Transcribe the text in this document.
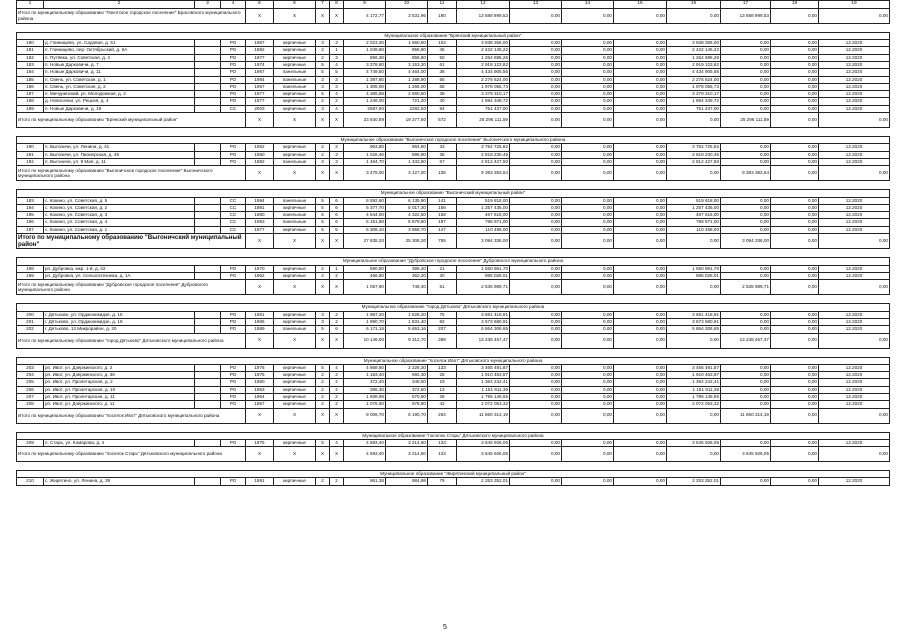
1	2	3	4	5	6	7	8	9	10	11	12	13	14	15	16	17	18	19	
Итого по муниципальному образованию "Локотское городское поселение" Брасовского муниципального района				X	X	X	X	4 172,77	3 531,96	180	13 688 999,53	0,00	0,00	0,00	0,00	13 688 999,53	0,00	0,00	

Муниципальное образование "Брянский муниципальный район"																			
180	д. Глинищево, ул. Садовая, д. 51		РО	1987	кирпичные	3	3	2 023,30	1 660,60	102	3 938 356,00	0,00	0,00	0,00	3 938 356,00	0,00	0,00	12.2020	
181	п. Глинищево, пер. Октябрьский, д. 6А		РО	1982	кирпичные	2	1	1 049,80	956,90	45	2 422 146,22	0,00	0,00	0,00	2 422 146,22	0,00	0,00	12.2020	
182	п. Путёвка, ул. Советская, д. 4		РО	1977	кирпичные	2	3	856,30	856,80	50	1 264 695,26	0,00	0,00	0,00	1 264 695,26	0,00	0,00	12.2020	
183	п. Новые Дарковичи, д. 7		РО	1974	кирпичные	5	4	3 378,80	3 153,30	61	2 919 123,82	0,00	0,00	0,00	2 919 123,82	0,00	0,00	12.2020	
184	п. Новые Дарковичи, д. 11		РО	1987	панельные	5	5	4 749,50	4 464,00	38	4 434 905,56	0,00	0,00	0,00	4 434 905,56	0,00	0,00	12.2020	
185	п. Свень, ул. Советская, д. 1		РО	1984	панельные	3	3	1 397,80	1 288,90	55	2 276 624,00	0,00	0,00	0,00	2 276 624,00	0,00	0,00	12.2020	
186	п. Свень, ул. Советская, д. 2		РО	1967	панельные	3	3	1 305,00	1 266,00	68	1 978 055,73	0,00	0,00	0,00	1 978 055,73	0,00	0,00	12.2020	
187	п. Мичуринский, ул. Молодежная, д. 2		РО	1977	кирпичные	5	4	4 365,88	2 660,50	39	3 379 310,17	0,00	0,00	0,00	3 379 310,17	0,00	0,00	12.2020	
188	д. Новоселки, ул. Рецкая, д. 4		РО	1977	кирпичные	2	2	1 246,00	721,20	40	1 894 349,72	0,00	0,00	0,00	1 894 349,72	0,00	0,00	12.2020	
189	п. Новые Дарковичи, д. 19		СС	2003	кирпичные	3	4	2687,60	2282,50	84	751 437,00	0,00	0,00	0,00	751 437,00	0,00	0,00	12.2020	
Итого по муниципальному образованию "Брянский муниципальный район"				X	X	X	X	23 840,89	19 377,60	572	25 296 111,59	0,00	0,00	0,00	0,00	25 296 111,59	0,00	0,00	

Муниципальное образование "Выгоничское городское поселение" Выгоничского муниципального района																			
190	п. Выгоничи, ул. Ленина, д. 41		РО	1962	кирпичные	2	2	963,80	864,80	33	3 754 725,82	0,00	0,00	0,00	3 754 725,82	0,00	0,00	12.2020	
191	п. Выгоничи, ул. Пионерская, д. 45		РО	1980	кирпичные	2	3	1 026,40	898,90	35	2 818 230,45	0,00	0,00	0,00	2 818 230,45	0,00	0,00	12.2020	
192	п. Выгоничи, ул. 9 Мая, д. 11		РО	1982	панельные	3	3	1 484,70	1 343,80	67	2 812 427,50	0,00	0,00	0,00	2 812 427,50	0,00	0,00	12.2020	
Итого по муниципальному образованию "Выгоничское городское поселение" Выгоничского муниципального района				X	X	X	X	3 475,00	3 127,00	135	9 383 383,64	0,00	0,00	0,00	0,00	9 383 383,64	0,00	0,00	

Муниципальное образование "Выгоничский муниципальный район"																			
193	с. Кокино, ул. Советская, д. 5		СС	1994	панельные	5	6	6 592,60	6 135,90	141	519 818,00	0,00	0,00	0,00	519 818,00	0,00	0,00	12.2020	
194	с. Кокино, ул. Советская, д. 2		СС	1981	кирпичные	5	6	5 377,70	5 017,30	156	1 257 435,00	0,00	0,00	0,00	1 257 435,00	0,00	0,00	12.2020	
195	с. Кокино, ул. Советская, д. 3		СС	1980	панельные	5	6	4 544,00	4 322,50	158	467 616,00	0,00	0,00	0,00	467 616,00	0,00	0,00	12.2020	
196	с. Кокино, ул. Советская, д. 4		СС	1983	панельные	5	6	5 151,88	5 879,60	187	798 971,00	0,00	0,00	0,00	798 971,00	0,00	0,00	12.2020	
197	с. Кокино, ул. Советская, д. 1		СС	1977	кирпичные	5	5	5 309,10	3 958,70	147	110 496,00	0,00	0,00	0,00	110 496,00	0,00	0,00	12.2020	
Итого по муниципальному образованию "Выгоничский муниципальный район"				X	X	X	X	27 635,20	25 308,30	755	3 094 336,00	0,00	0,00	0,00	0,00	3 094 336,00	0,00	0,00	

Муниципальное образование "Дубровское городское поселение" Дубровского муниципального района																			
198	рп. Дубровка, мкр. 1-й, д. 42		РО	1970	кирпичные	2	1	590,80	386,20	21	1 550 961,70	0,00	0,00	0,00	1 550 961,70	0,00	0,00	12.2020	
199	рп. Дубровка, ул. Сельхозтехника, д. 1А		РО	1962	кирпичные	2	2	466,80	362,20	30	985 028,01	0,00	0,00	0,00	985 028,01	0,00	0,00	12.2020	
Итого по муниципальному образованию "Дубровское городское поселение" Дубровского муниципального района				X	X	X	X	1 057,60	748,40	51	2 535 989,71	0,00	0,00	0,00	0,00	2 535 989,71	0,00	0,00	

Муниципальное образование "город Дятьково" Дятьковского муниципального района																			
200	г. Дятьково, ул. Орджоникидзе, д. 15		РО	1961	кирпичные	3	2	1 967,20	1 828,20	75	3 681 418,91	0,00	0,00	0,00	3 681 418,91	0,00	0,00	12.2020	
201	г. Дятьково, ул. Орджоникидзе, д. 18		РО	1965	кирпичные	3	2	1 990,70	1 831,40	82	3 673 680,91	0,00	0,00	0,00	3 673 680,91	0,00	0,00	12.2020	
202	г. Дятьково, 13 Микрорайон, д. 20		РО	1989	панельные	5	6	6 171,19	5 653,16	207	5 864 306,65	0,00	0,00	0,00	5 864 306,65	0,00	0,00	12.2020	
Итого по муниципальному образованию "город Дятьково" Дятьковского муниципального района				X	X	X	X	10 149,00	9 312,70	388	13 238 457,47	0,00	0,00	0,00	0,00	13 238 457,47	0,00	0,00	

Муниципальное образование "поселок Ивот" Дятьковского муниципального района																			
203	рп. Ивот, ул. Дзержинского, д. 2		РО	1976	кирпичные	5	4	4 868,80	2 226,30	133	3 465 491,87	0,00	0,00	0,00	3 465 491,87	0,00	0,00	12.2020	
204	рп. Ивот, ул. Дзержинского, д. 36		РО	1975	кирпичные	2	2	1 183,40	692,30	25	1 910 463,87	0,00	0,00	0,00	1 910 463,87	0,00	0,00	12.2020	
205	рп. Ивот, ул. Пролетарская, д. 2		РО	1960	кирпичные	2	2	372,40	349,60	19	1 364 242,41	0,00	0,00	0,00	1 364 242,41	0,00	0,00	12.2020	
206	рп. Ивот, ул. Пролетарская, д. 10		РО	1963	кирпичные	2	2	395,30	372,60	13	1 151 911,36	0,00	0,00	0,00	1 151 911,36	0,00	0,00	12.2020	
207	рп. Ивот, ул. Пролетарская, д. 11		РО	1964	кирпичные	2	2	1 508,98	570,90	28	1 796 149,55	0,00	0,00	0,00	1 796 149,55	0,00	0,00	12.2020	
208	рп. Ивот, ул. Дзержинского, д. 11		РО	1967	кирпичные	2	2	1 076,60	978,80	42	2 072 053,32	0,00	0,00	0,00	2 072 053,32	0,00	0,00	12.2020	
Итого по муниципальному образованию "поселок Ивот" Дятьковского муниципального района				X	X	X	X	9 006,70	6 190,70	264	11 660 314,19	0,00	0,00	0,00	0,00	11 660 314,19	0,00	0,00	

Муниципальное образование "поселок Старь" Дятьковского муниципального района																			
209	п. Старь, ул. Комарова, д. 4		РО	1975	кирпичные	5	4	4 593,40	3 214,60	133	3 645 926,05	0,00	0,00	0,00	3 645 926,05	0,00	0,00	12.2020	
Итого по муниципальному образованию "поселок Старь" Дятьковского муниципального района				X	X	X	X	4 593,40	3 214,60	133	3 645 926,05	0,00	0,00	0,00	0,00	3 645 926,05	0,00	0,00	

Муниципальное образование "Жирятинский муниципальный район"																			
210	с. Жирятино, ул. Ленина, д. 39		РО	1991	кирпичные	2	2	961,38	984,98	79	2 253 352,01	0,00	0,00	0,00	2 253 352,01	0,00	0,00	12.2020	
5
